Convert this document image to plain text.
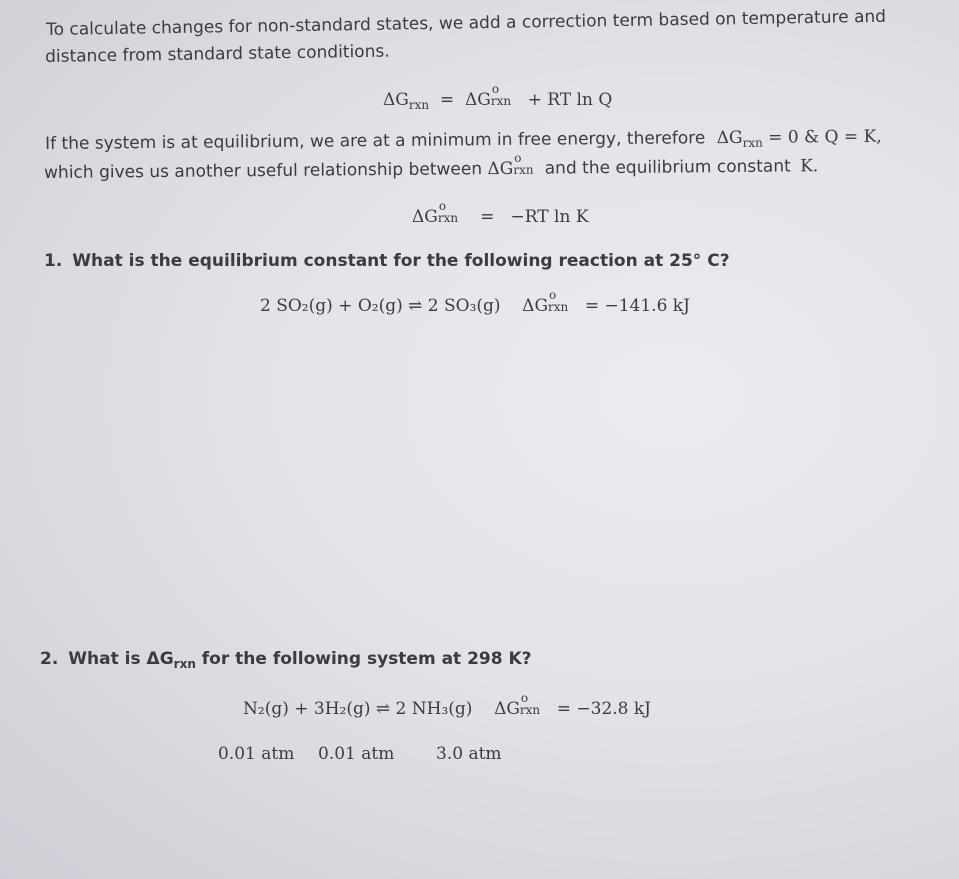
To calculate changes for non-standard states, we add a correction term based on temperature and
distance from standard state conditions.
$\Delta G_{rxn} = \Delta G$
o
rxn + RT ln Q
If the system is at equilibrium, we are at a minimum in free energy, therefore $\Delta G_{rxn} = 0$ & Q = K,
which gives us another useful relationship between ΔG
o
rxn and the equilibrium constant K.
ΔG
o
rxn = −RT ln K
1. What is the equilibrium constant for the following reaction at 25° C?
2 SO₂(g) + O₂(g) ⇌ 2 SO₃(g) ΔG
o
rxn = −141.6 kJ
2. What is $\Delta G_{rxn}$ for the following system at 298 K?
N₂(g) + 3H₂(g) ⇌ 2 NH₃(g) ΔG
o
rxn = −32.8 kJ
0.01 atm 0.01 atm 3.0 atm
